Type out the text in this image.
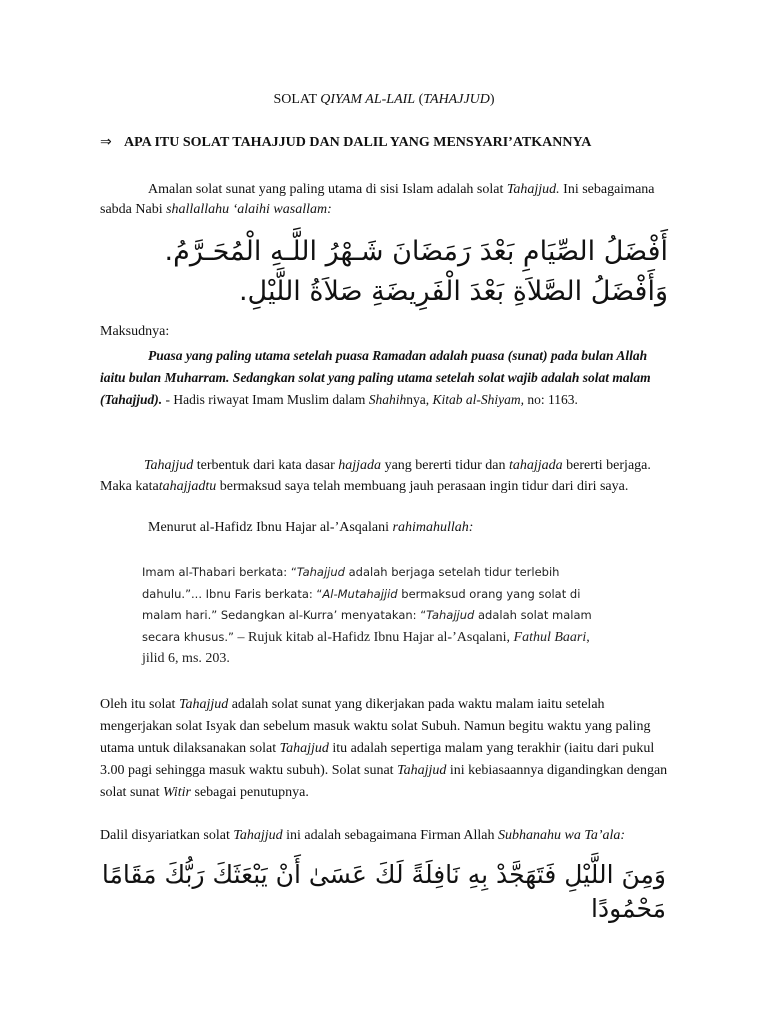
SOLAT QIYAM AL-LAIL (TAHAJJUD)

⇒ APA ITU SOLAT TAHAJJUD DAN DALIL YANG MENSYARI’ATKANNYA

Amalan solat sunat yang paling utama di sisi Islam adalah solat Tahajjud. Ini sebagaimana sabda Nabi shallallahu ‘alaihi wasallam:

أَفْضَلُ الصِّيَامِ بَعْدَ رَمَضَانَ شَـهْرُ اللَّـهِ الْمُحَـرَّمُ. وَأَفْضَلُ الصَّلاَةِ بَعْدَ الْفَرِيضَةِ صَلاَةُ اللَّيْلِ.

Maksudnya:

Puasa yang paling utama setelah puasa Ramadan adalah puasa (sunat) pada bulan Allah iaitu bulan Muharram. Sedangkan solat yang paling utama setelah solat wajib adalah solat malam (Tahajjud). - Hadis riwayat Imam Muslim dalam Shahihnya, Kitab al-Shiyam, no: 1163.

Tahajjud terbentuk dari kata dasar hajjada yang bererti tidur dan tahajjada bererti berjaga. Maka katatahajjadtu bermaksud saya telah membuang jauh perasaan ingin tidur dari diri saya.

Menurut al-Hafidz Ibnu Hajar al-’Asqalani rahimahullah:

Imam al-Thabari berkata: “Tahajjud adalah berjaga setelah tidur terlebih dahulu.”... Ibnu Faris berkata: “Al-Mutahajjid bermaksud orang yang solat di malam hari.” Sedangkan al-Kurra’ menyatakan: “Tahajjud adalah solat malam secara khusus.” – Rujuk kitab al-Hafidz Ibnu Hajar al-’Asqalani, Fathul Baari, jilid 6, ms. 203.

Oleh itu solat Tahajjud adalah solat sunat yang dikerjakan pada waktu malam iaitu setelah mengerjakan solat Isyak dan sebelum masuk waktu solat Subuh. Namun begitu waktu yang paling utama untuk dilaksanakan solat Tahajjud itu adalah sepertiga malam yang terakhir (iaitu dari pukul 3.00 pagi sehingga masuk waktu subuh). Solat sunat Tahajjud ini kebiasaannya digandingkan dengan solat sunat Witir sebagai penutupnya.

Dalil disyariatkan solat Tahajjud ini adalah sebagaimana Firman Allah Subhanahu wa Ta’ala:

وَمِنَ اللَّيْلِ فَتَهَجَّدْ بِهِ نَافِلَةً لَكَ عَسَىٰ أَنْ يَبْعَثَكَ رَبُّكَ مَقَامًا مَحْمُودًا
